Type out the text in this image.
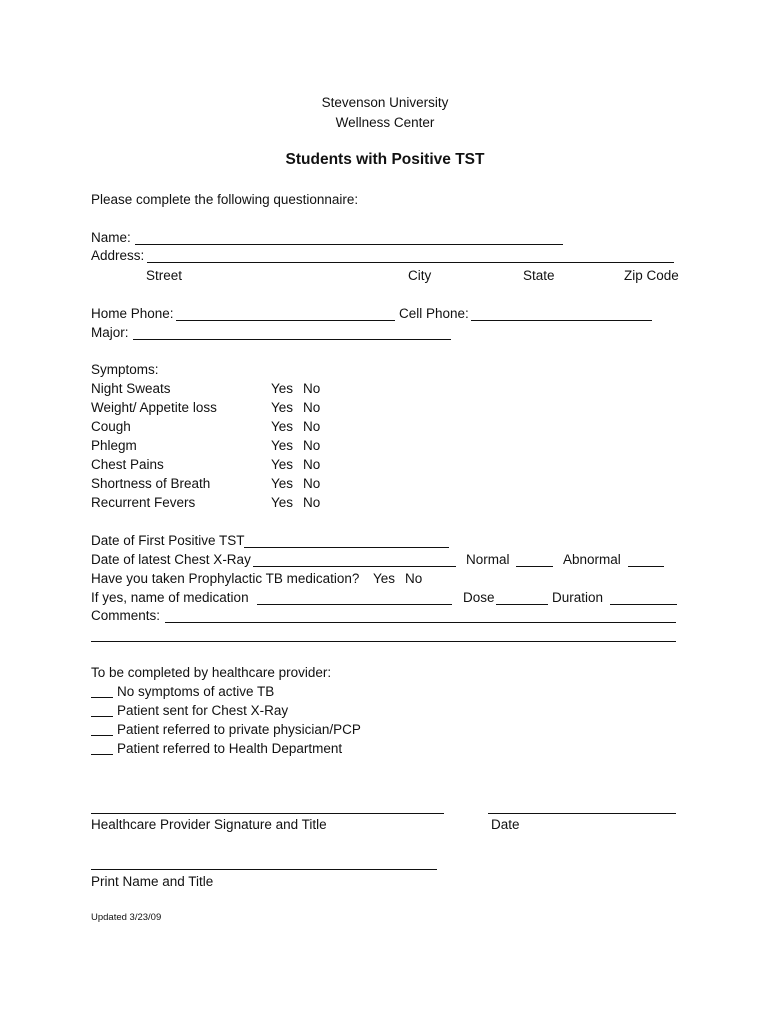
Stevenson University
Wellness Center
Students with Positive TST
Please complete the following questionnaire:
Name:
Address:
Street	City	State	Zip Code
Home Phone:	Cell Phone:
Major:
Symptoms:
Night Sweats	Yes No
Weight/ Appetite loss	Yes No
Cough	Yes No
Phlegm	Yes No
Chest Pains	Yes No
Shortness of Breath	Yes No
Recurrent Fevers	Yes No
Date of First Positive TST
Date of latest Chest X-Ray	Normal	Abnormal
Have you taken Prophylactic TB medication? Yes No
If yes, name of medication	Dose	Duration
Comments:
To be completed by healthcare provider:
No symptoms of active TB
Patient sent for Chest X-Ray
Patient referred to private physician/PCP
Patient referred to Health Department
Healthcare Provider Signature and Title	Date
Print Name and Title
Updated 3/23/09
